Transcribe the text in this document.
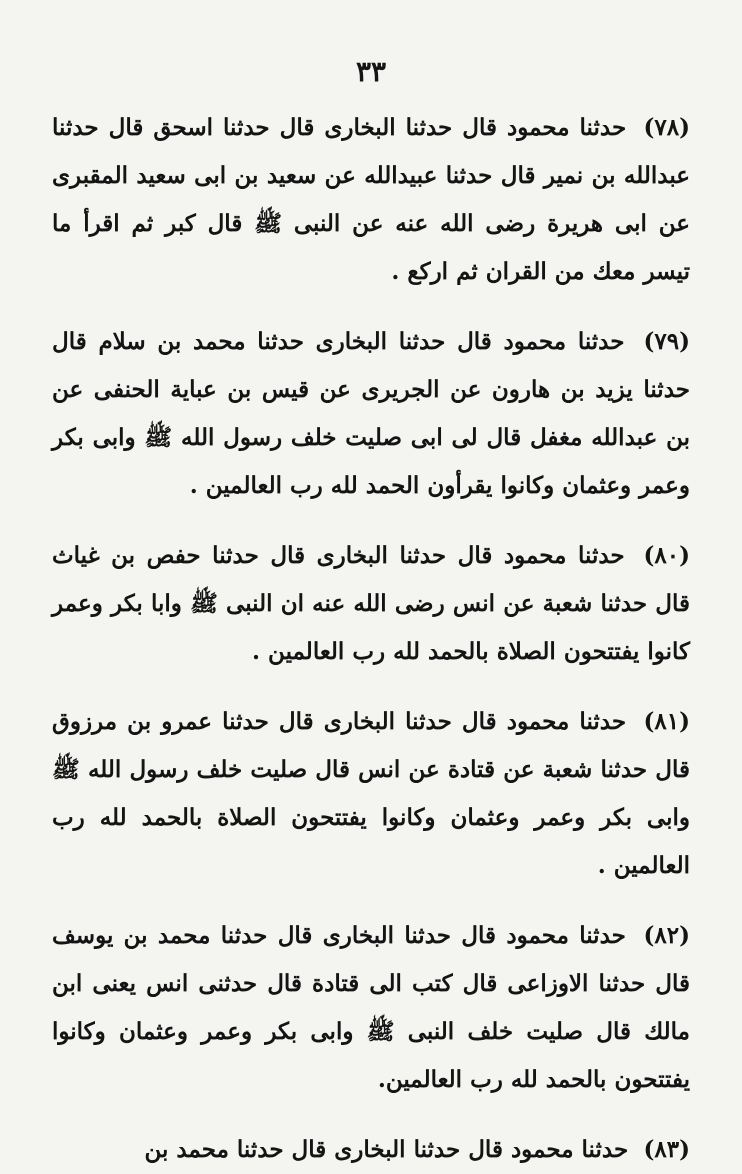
٣٣

(٧٨) حدثنا محمود قال حدثنا البخارى قال حدثنا اسحق قال حدثنا عبدالله بن نمير قال حدثنا عبيدالله عن سعيد بن ابى سعيد المقبرى عن ابى هريرة رضى الله عنه عن النبى ﷺ قال كبر ثم اقرأ ما تيسر معك من القران ثم اركع .

(٧٩) حدثنا محمود قال حدثنا البخارى حدثنا محمد بن سلام قال حدثنا يزيد بن هارون عن الجريرى عن قيس بن عباية الحنفى عن بن عبدالله مغفل قال لى ابى صليت خلف رسول الله ﷺ وابى بكر وعمر وعثمان وكانوا يقرأون الحمد لله رب العالمين .

(٨٠) حدثنا محمود قال حدثنا البخارى قال حدثنا حفص بن غياث قال حدثنا شعبة عن انس رضى الله عنه ان النبى ﷺ وابا بكر وعمر كانوا يفتتحون الصلاة بالحمد لله رب العالمين .

(٨١) حدثنا محمود قال حدثنا البخارى قال حدثنا عمرو بن مرزوق قال حدثنا شعبة عن قتادة عن انس قال صليت خلف رسول الله ﷺ وابى بكر وعمر وعثمان وكانوا يفتتحون الصلاة بالحمد لله رب العالمين .

(٨٢) حدثنا محمود قال حدثنا البخارى قال حدثنا محمد بن يوسف قال حدثنا الاوزاعى قال كتب الى قتادة قال حدثنى انس يعنى ابن مالك قال صليت خلف النبى ﷺ وابى بكر وعمر وعثمان وكانوا يفتتحون بالحمد لله رب العالمين.

(٨٣) حدثنا محمود قال حدثنا البخارى قال حدثنا محمد بن
